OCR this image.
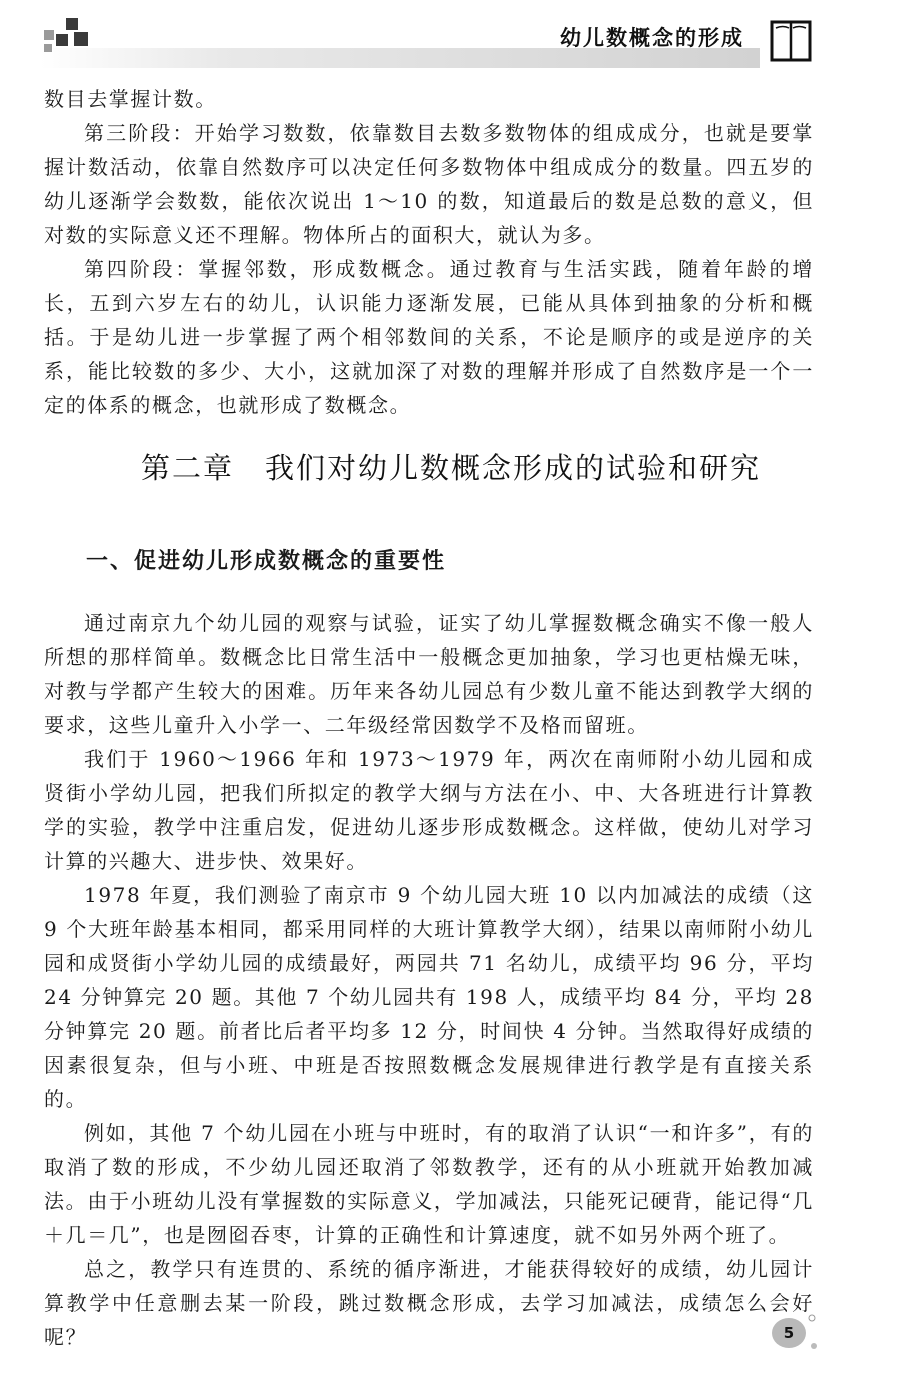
幼儿数概念的形成

数目去掌握计数。

第三阶段：开始学习数数，依靠数目去数多数物体的组成成分，也就是要掌握计数活动，依靠自然数序可以决定任何多数物体中组成成分的数量。四五岁的幼儿逐渐学会数数，能依次说出 1～10 的数，知道最后的数是总数的意义，但对数的实际意义还不理解。物体所占的面积大，就认为多。

第四阶段：掌握邻数，形成数概念。通过教育与生活实践，随着年龄的增长，五到六岁左右的幼儿，认识能力逐渐发展，已能从具体到抽象的分析和概括。于是幼儿进一步掌握了两个相邻数间的关系，不论是顺序的或是逆序的关系，能比较数的多少、大小，这就加深了对数的理解并形成了自然数序是一个一定的体系的概念，也就形成了数概念。

第二章　我们对幼儿数概念形成的试验和研究
一、促进幼儿形成数概念的重要性

通过南京九个幼儿园的观察与试验，证实了幼儿掌握数概念确实不像一般人所想的那样简单。数概念比日常生活中一般概念更加抽象，学习也更枯燥无味，对教与学都产生较大的困难。历年来各幼儿园总有少数儿童不能达到教学大纲的要求，这些儿童升入小学一、二年级经常因数学不及格而留班。

我们于 1960～1966 年和 1973～1979 年，两次在南师附小幼儿园和成贤街小学幼儿园，把我们所拟定的教学大纲与方法在小、中、大各班进行计算教学的实验，教学中注重启发，促进幼儿逐步形成数概念。这样做，使幼儿对学习计算的兴趣大、进步快、效果好。

1978 年夏，我们测验了南京市 9 个幼儿园大班 10 以内加减法的成绩（这 9 个大班年龄基本相同，都采用同样的大班计算教学大纲），结果以南师附小幼儿园和成贤街小学幼儿园的成绩最好，两园共 71 名幼儿，成绩平均 96 分，平均 24 分钟算完 20 题。其他 7 个幼儿园共有 198 人，成绩平均 84 分，平均 28 分钟算完 20 题。前者比后者平均多 12 分，时间快 4 分钟。当然取得好成绩的因素很复杂，但与小班、中班是否按照数概念发展规律进行教学是有直接关系的。

例如，其他 7 个幼儿园在小班与中班时，有的取消了认识“一和许多”，有的取消了数的形成，不少幼儿园还取消了邻数教学，还有的从小班就开始教加减法。由于小班幼儿没有掌握数的实际意义，学加减法，只能死记硬背，能记得“几＋几＝几”，也是囫囵吞枣，计算的正确性和计算速度，就不如另外两个班了。

总之，教学只有连贯的、系统的循序渐进，才能获得较好的成绩，幼儿园计算教学中任意删去某一阶段，跳过数概念形成，去学习加减法，成绩怎么会好呢？	5
